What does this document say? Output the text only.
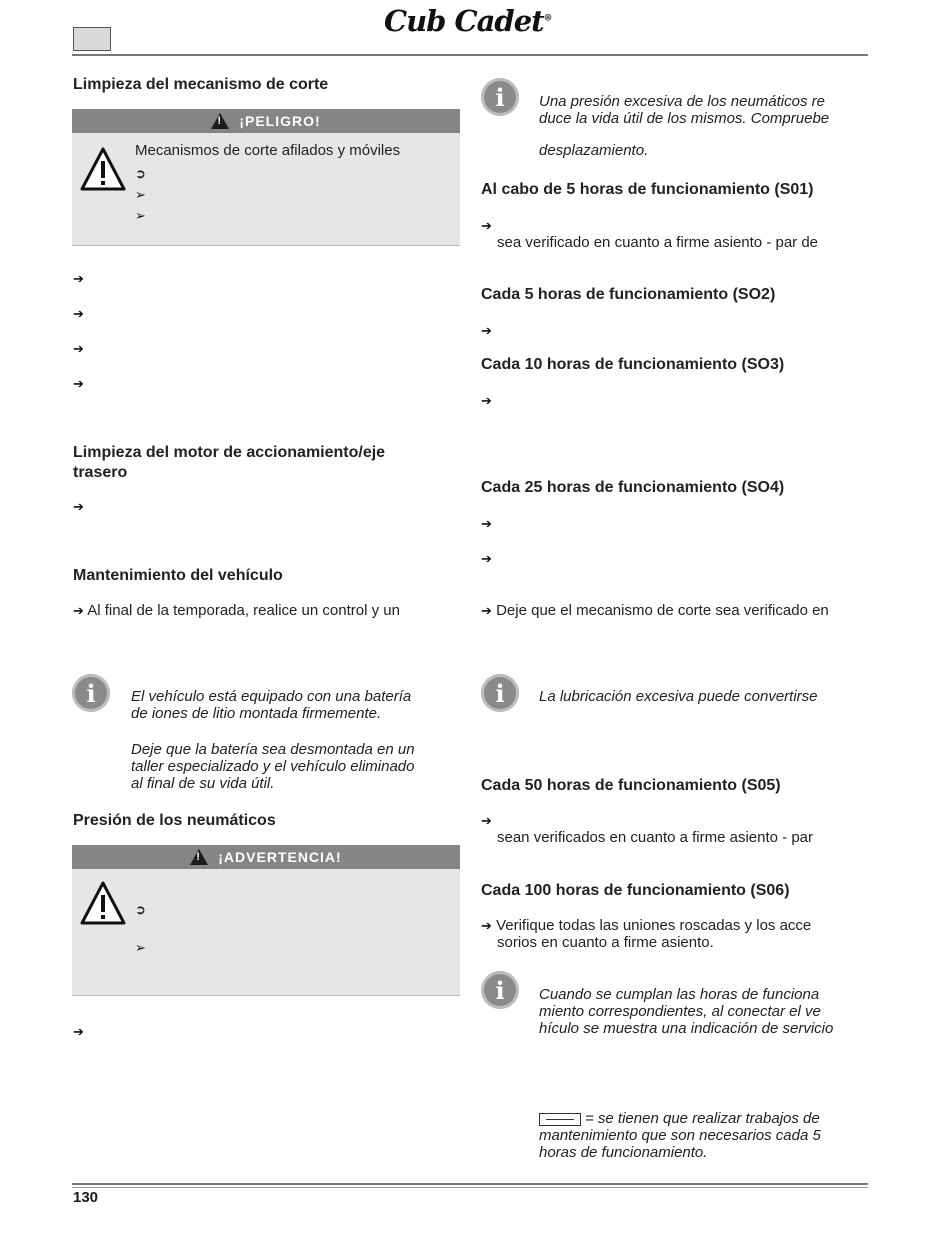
Cub Cadet®
Limpieza del mecanismo de corte
!
¡PELIGRO!
Mecanismos de corte afilados y móviles
➲
➢
➢
➔
➔
➔
➔
Limpieza del motor de accionamiento/eje
trasero
➔
Mantenimiento del vehículo
➔ Al final de la temporada, realice un control y un
i	El vehículo está equipado con una batería
de iones de litio montada firmemente.
Deje que la batería sea desmontada en un
taller especializado y el vehículo eliminado
al final de su vida útil.
Presión de los neumáticos
!
¡ADVERTENCIA!
➲
➢
➔
i	Una presión excesiva de los neumáticos re
duce la vida útil de los mismos. Compruebe
desplazamiento.
Al cabo de 5 horas de funcionamiento (S01)
➔
sea verificado en cuanto a firme asiento - par de
Cada 5 horas de funcionamiento (SO2)
➔
Cada 10 horas de funcionamiento (SO3)
➔
Cada 25 horas de funcionamiento (SO4)
➔
➔
➔ Deje que el mecanismo de corte sea verificado en
i	La lubricación excesiva puede convertirse
Cada 50 horas de funcionamiento (S05)
➔
sean verificados en cuanto a firme asiento - par
Cada 100 horas de funcionamiento (S06)
➔ Verifique todas las uniones roscadas y los acce
sorios en cuanto a firme asiento.
i	Cuando se cumplan las horas de funciona
miento correspondientes, al conectar el ve
hículo se muestra una indicación de servicio
= se tienen que realizar trabajos de
mantenimiento que son necesarios cada 5
horas de funcionamiento.
130
